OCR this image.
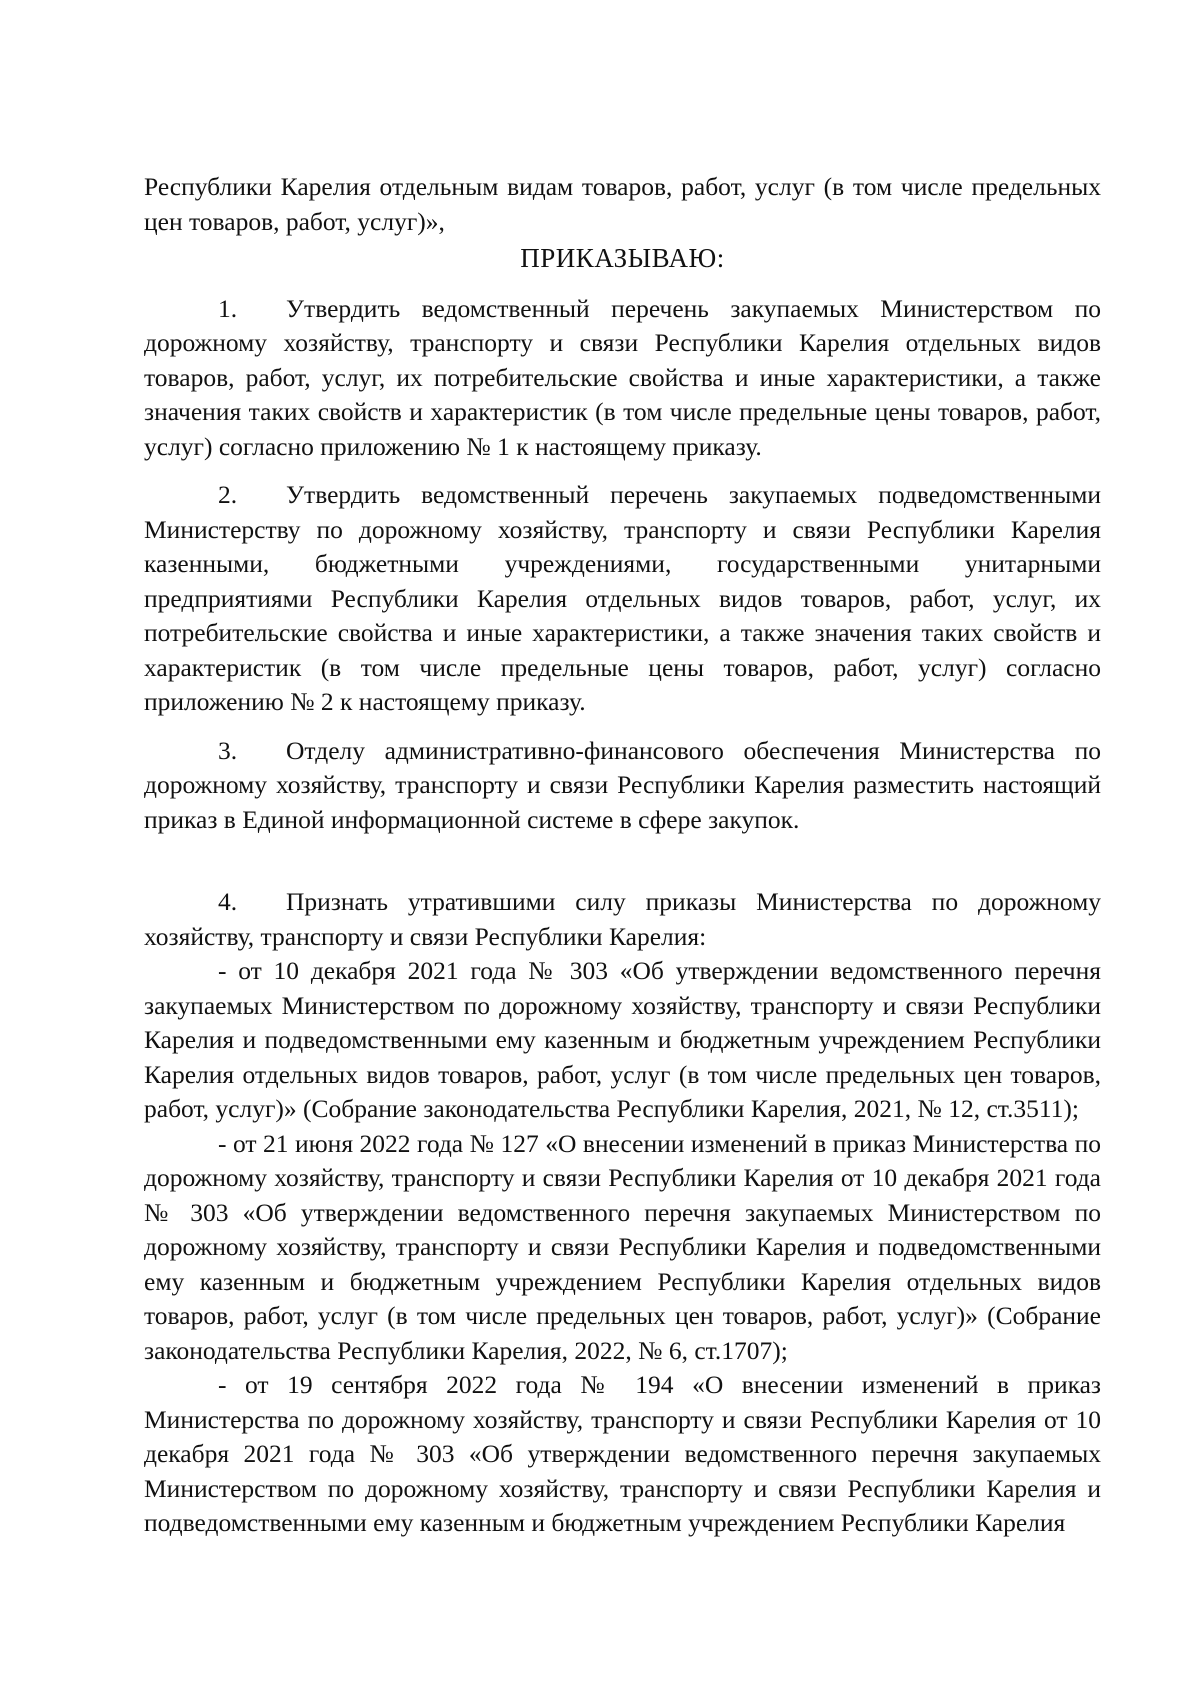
Республики Карелия отдельным видам товаров, работ, услуг (в том числе предельных цен товаров, работ, услуг)»,

ПРИКАЗЫВАЮ:

1. Утвердить ведомственный перечень закупаемых Министерством по дорожному хозяйству, транспорту и связи Республики Карелия отдельных видов товаров, работ, услуг, их потребительские свойства и иные характеристики, а также значения таких свойств и характеристик (в том числе предельные цены товаров, работ, услуг) согласно приложению № 1 к настоящему приказу.

2. Утвердить ведомственный перечень закупаемых подведомственными Министерству по дорожному хозяйству, транспорту и связи Республики Карелия казенными, бюджетными учреждениями, государственными унитарными предприятиями Республики Карелия отдельных видов товаров, работ, услуг, их потребительские свойства и иные характеристики, а также значения таких свойств и характеристик (в том числе предельные цены товаров, работ, услуг) согласно приложению № 2 к настоящему приказу.

3. Отделу административно-финансового обеспечения Министерства по дорожному хозяйству, транспорту и связи Республики Карелия разместить настоящий приказ в Единой информационной системе в сфере закупок.

4. Признать утратившими силу приказы Министерства по дорожному хозяйству, транспорту и связи Республики Карелия:

- от 10 декабря 2021 года № 303 «Об утверждении ведомственного перечня закупаемых Министерством по дорожному хозяйству, транспорту и связи Республики Карелия и подведомственными ему казенным и бюджетным учреждением Республики Карелия отдельных видов товаров, работ, услуг (в том числе предельных цен товаров, работ, услуг)» (Собрание законодательства Республики Карелия, 2021, № 12, ст.3511);

- от 21 июня 2022 года № 127 «О внесении изменений в приказ Министерства по дорожному хозяйству, транспорту и связи Республики Карелия от 10 декабря 2021 года № 303 «Об утверждении ведомственного перечня закупаемых Министерством по дорожному хозяйству, транспорту и связи Республики Карелия и подведомственными ему казенным и бюджетным учреждением Республики Карелия отдельных видов товаров, работ, услуг (в том числе предельных цен товаров, работ, услуг)» (Собрание законодательства Республики Карелия, 2022, № 6, ст.1707);

- от 19 сентября 2022 года № 194 «О внесении изменений в приказ Министерства по дорожному хозяйству, транспорту и связи Республики Карелия от 10 декабря 2021 года № 303 «Об утверждении ведомственного перечня закупаемых Министерством по дорожному хозяйству, транспорту и связи Республики Карелия и подведомственными ему казенным и бюджетным учреждением Республики Карелия
